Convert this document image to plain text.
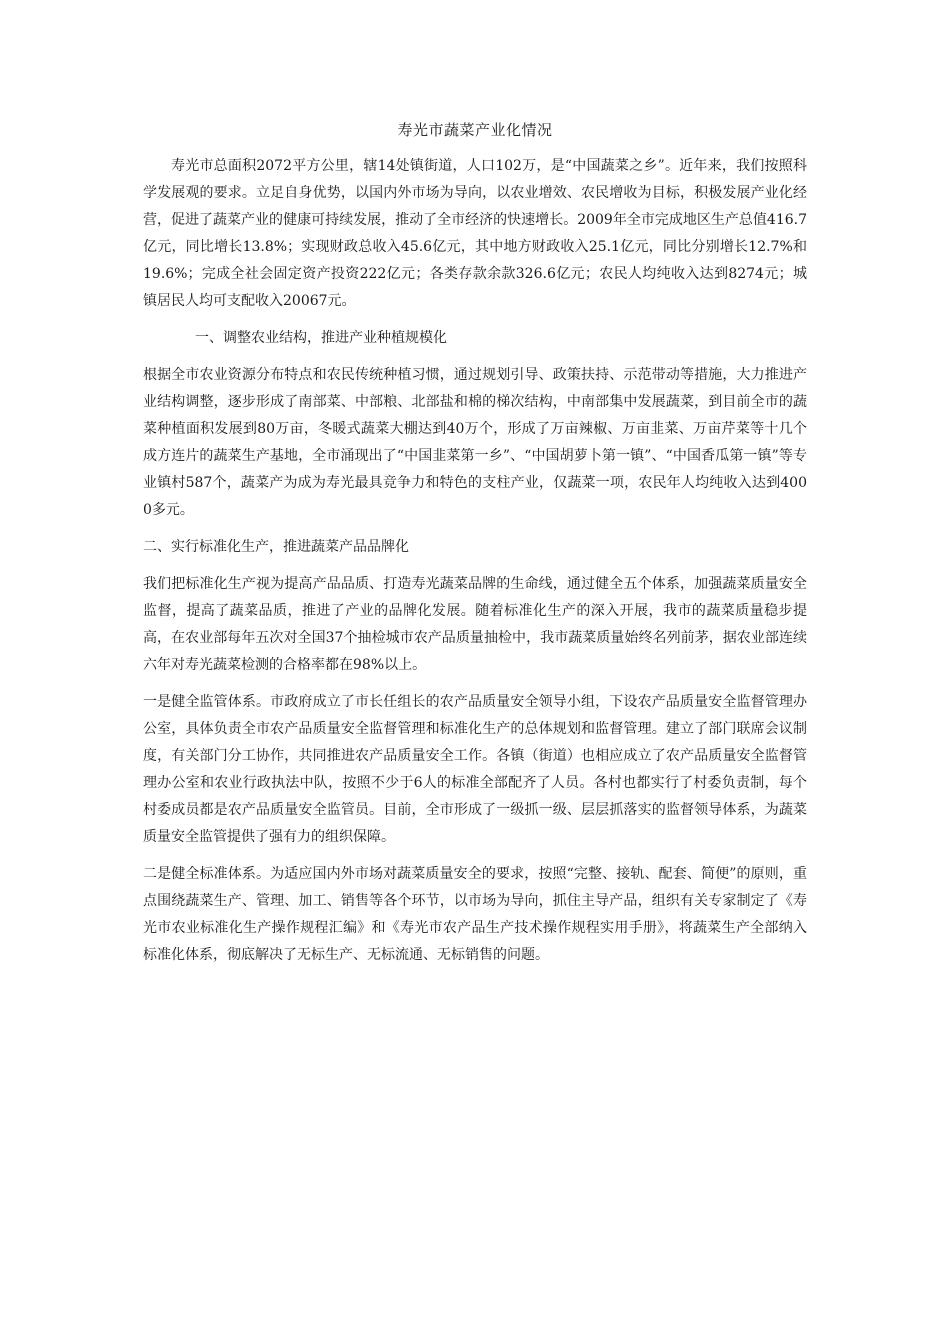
寿光市蔬菜产业化情况

寿光市总面积2072平方公里，辖14处镇街道，人口102万，是“中国蔬菜之乡”。近年来，我们按照科学发展观的要求。立足自身优势，以国内外市场为导向，以农业增效、农民增收为目标，积极发展产业化经营，促进了蔬菜产业的健康可持续发展，推动了全市经济的快速增长。2009年全市完成地区生产总值416.7亿元，同比增长13.8%；实现财政总收入45.6亿元，其中地方财政收入25.1亿元，同比分别增长12.7%和19.6%；完成全社会固定资产投资222亿元；各类存款余款326.6亿元；农民人均纯收入达到8274元；城镇居民人均可支配收入20067元。

一、调整农业结构，推进产业种植规模化

根据全市农业资源分布特点和农民传统种植习惯，通过规划引导、政策扶持、示范带动等措施，大力推进产业结构调整，逐步形成了南部菜、中部粮、北部盐和棉的梯次结构，中南部集中发展蔬菜，到目前全市的蔬菜种植面积发展到80万亩，冬暖式蔬菜大棚达到40万个，形成了万亩辣椒、万亩韭菜、万亩芹菜等十几个成方连片的蔬菜生产基地，全市涌现出了“中国韭菜第一乡”、“中国胡萝卜第一镇”、“中国香瓜第一镇”等专业镇村587个，蔬菜产为成为寿光最具竞争力和特色的支柱产业，仅蔬菜一项，农民年人均纯收入达到4000多元。

二、实行标准化生产，推进蔬菜产品品牌化

我们把标准化生产视为提高产品品质、打造寿光蔬菜品牌的生命线，通过健全五个体系，加强蔬菜质量安全监督，提高了蔬菜品质，推进了产业的品牌化发展。随着标准化生产的深入开展，我市的蔬菜质量稳步提高，在农业部每年五次对全国37个抽检城市农产品质量抽检中，我市蔬菜质量始终名列前茅，据农业部连续六年对寿光蔬菜检测的合格率都在98%以上。

一是健全监管体系。市政府成立了市长任组长的农产品质量安全领导小组，下设农产品质量安全监督管理办公室，具体负责全市农产品质量安全监督管理和标准化生产的总体规划和监督管理。建立了部门联席会议制度，有关部门分工协作，共同推进农产品质量安全工作。各镇（街道）也相应成立了农产品质量安全监督管理办公室和农业行政执法中队，按照不少于6人的标准全部配齐了人员。各村也都实行了村委负责制，每个村委成员都是农产品质量安全监管员。目前，全市形成了一级抓一级、层层抓落实的监督领导体系，为蔬菜质量安全监管提供了强有力的组织保障。

二是健全标准体系。为适应国内外市场对蔬菜质量安全的要求，按照“完整、接轨、配套、简便”的原则，重点围绕蔬菜生产、管理、加工、销售等各个环节，以市场为导向，抓住主导产品，组织有关专家制定了《寿光市农业标准化生产操作规程汇编》和《寿光市农产品生产技术操作规程实用手册》，将蔬菜生产全部纳入标准化体系，彻底解决了无标生产、无标流通、无标销售的问题。
